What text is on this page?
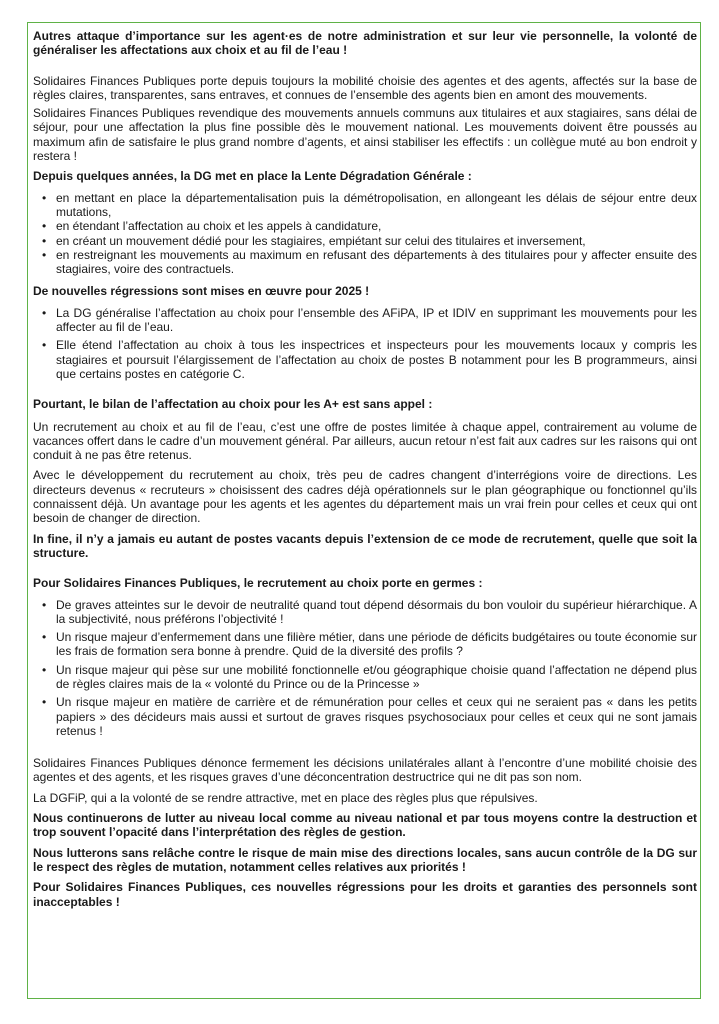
Autres attaque d’importance sur les agent·es de notre administration et sur leur vie personnelle, la volonté de généraliser les affectations aux choix et au fil de l’eau !

Solidaires Finances Publiques porte depuis toujours la mobilité choisie des agentes et des agents, affectés sur la base de règles claires, transparentes, sans entraves, et connues de l’ensemble des agents bien en amont des mouvements.

Solidaires Finances Publiques revendique des mouvements annuels communs aux titulaires et aux stagiaires, sans délai de séjour, pour une affectation la plus fine possible dès le mouvement national. Les mouvements doivent être poussés au maximum afin de satisfaire le plus grand nombre d’agents, et ainsi stabiliser les effectifs : un collègue muté au bon endroit y restera !

Depuis quelques années, la DG met en place la Lente Dégradation Générale :

• en mettant en place la départementalisation puis la démétropolisation, en allongeant les délais de séjour entre deux mutations,
• en étendant l’affectation au choix et les appels à candidature,
• en créant un mouvement dédié pour les stagiaires, empiétant sur celui des titulaires et inversement,
• en restreignant les mouvements au maximum en refusant des départements à des titulaires pour y affecter ensuite des stagiaires, voire des contractuels.

De nouvelles régressions sont mises en œuvre pour 2025 !

• La DG généralise l’affectation au choix pour l’ensemble des AFiPA, IP et IDIV en supprimant les mouvements pour les affecter au fil de l’eau.
• Elle étend l’affectation au choix à tous les inspectrices et inspecteurs pour les mouvements locaux y compris les stagiaires et poursuit l’élargissement de l’affectation au choix de postes B notamment pour les B programmeurs, ainsi que certains postes en catégorie C.

Pourtant, le bilan de l’affectation au choix pour les A+ est sans appel :

Un recrutement au choix et au fil de l’eau, c’est une offre de postes limitée à chaque appel, contrairement au volume de vacances offert dans le cadre d’un mouvement général. Par ailleurs, aucun retour n’est fait aux cadres sur les raisons qui ont conduit à ne pas être retenus.

Avec le développement du recrutement au choix, très peu de cadres changent d’interrégions voire de directions. Les directeurs devenus « recruteurs » choisissent des cadres déjà opérationnels sur le plan géographique ou fonctionnel qu’ils connaissent déjà. Un avantage pour les agents et les agentes du département mais un vrai frein pour celles et ceux qui ont besoin de changer de direction.

In fine, il n’y a jamais eu autant de postes vacants depuis l’extension de ce mode de recrutement, quelle que soit la structure.

Pour Solidaires Finances Publiques, le recrutement au choix porte en germes :

• De graves atteintes sur le devoir de neutralité quand tout dépend désormais du bon vouloir du supérieur hiérarchique. A la subjectivité, nous préférons l’objectivité !
• Un risque majeur d’enfermement dans une filière métier, dans une période de déficits budgétaires ou toute économie sur les frais de formation sera bonne à prendre. Quid de la diversité des profils ?
• Un risque majeur qui pèse sur une mobilité fonctionnelle et/ou géographique choisie quand l’affectation ne dépend plus de règles claires mais de la « volonté du Prince ou de la Princesse »
• Un risque majeur en matière de carrière et de rémunération pour celles et ceux qui ne seraient pas « dans les petits papiers » des décideurs mais aussi et surtout de graves risques psychosociaux pour celles et ceux qui ne sont jamais retenus !

Solidaires Finances Publiques dénonce fermement les décisions unilatérales allant à l’encontre d’une mobilité choisie des agentes et des agents, et les risques graves d’une déconcentration destructrice qui ne dit pas son nom.

La DGFiP, qui a la volonté de se rendre attractive, met en place des règles plus que répulsives.

Nous continuerons de lutter au niveau local comme au niveau national et par tous moyens contre la destruction et trop souvent l’opacité dans l’interprétation des règles de gestion.

Nous lutterons sans relâche contre le risque de main mise des directions locales, sans aucun contrôle de la DG sur le respect des règles de mutation, notamment celles relatives aux priorités !

Pour Solidaires Finances Publiques, ces nouvelles régressions pour les droits et garanties des personnels sont inacceptables !
